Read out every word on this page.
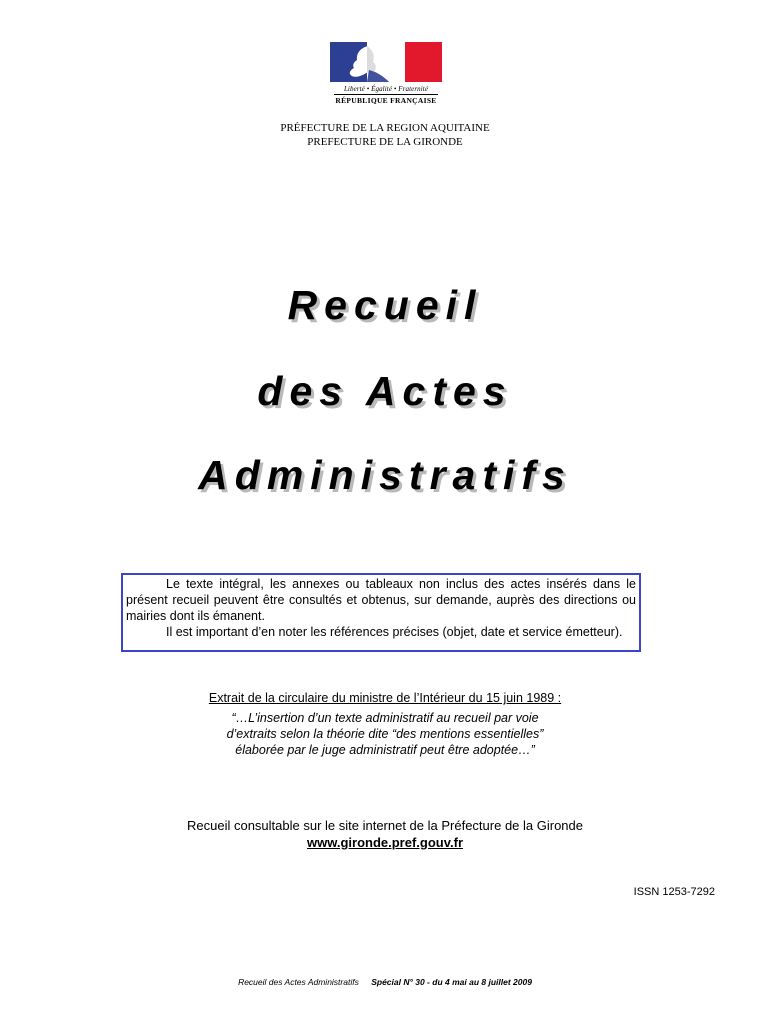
Liberté • Égalité • Fraternité
RÉPUBLIQUE FRANÇAISE
PRÉFECTURE DE LA REGION AQUITAINE
PREFECTURE DE LA GIRONDE
Recueil
des Actes
Administratifs

Le texte intégral, les annexes ou tableaux non inclus des actes insérés dans le présent recueil peuvent être consultés et obtenus, sur demande, auprès des directions ou mairies dont ils émanent.

Il est important d’en noter les références précises (objet, date et service émetteur).

Extrait de la circulaire du ministre de l’Intérieur du 15 juin 1989 :
“…L’insertion d’un texte administratif au recueil par voie
d’extraits selon la théorie dite “des mentions essentielles”
élaborée par le juge administratif peut être adoptée…”
Recueil consultable sur le site internet de la Préfecture de la Gironde
www.gironde.pref.gouv.fr
ISSN 1253-7292
Recueil des Actes Administratifs Spécial N° 30 - du 4 mai au 8 juillet 2009
